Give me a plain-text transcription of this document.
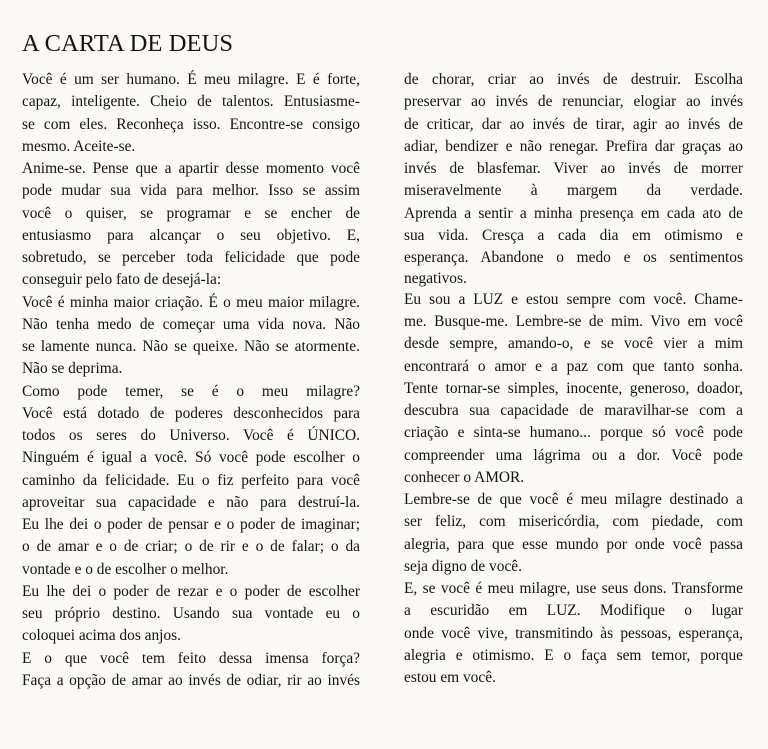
A CARTA DE DEUS
Você é um ser humano. É meu milagre. E é forte,
capaz, inteligente. Cheio de talentos. Entusiasme-
se com eles. Reconheça isso. Encontre-se consigo
mesmo. Aceite-se.
Anime-se. Pense que a apartir desse momento você
pode mudar sua vida para melhor. Isso se assim
você o quiser, se programar e se encher de
entusiasmo para alcançar o seu objetivo. E,
sobretudo, se perceber toda felicidade que pode
conseguir pelo fato de desejá-la:
Você é minha maior criação. É o meu maior milagre.
Não tenha medo de começar uma vida nova. Não
se lamente nunca. Não se queixe. Não se atormente.
Não se deprima.
Como pode temer, se é o meu milagre?
Você está dotado de poderes desconhecidos para
todos os seres do Universo. Você é ÚNICO.
Ninguém é igual a você. Só você pode escolher o
caminho da felicidade. Eu o fiz perfeito para você
aproveitar sua capacidade e não para destruí-la.
Eu lhe dei o poder de pensar e o poder de imaginar;
o de amar e o de criar; o de rir e o de falar; o da
vontade e o de escolher o melhor.
Eu lhe dei o poder de rezar e o poder de escolher
seu próprio destino. Usando sua vontade eu o
coloquei acima dos anjos.
E o que você tem feito dessa imensa força?
Faça a opção de amar ao invés de odiar, rir ao invés
de chorar, criar ao invés de destruir. Escolha
preservar ao invés de renunciar, elogiar ao invés
de criticar, dar ao invés de tirar, agir ao invés de
adiar, bendizer e não renegar. Prefira dar graças ao
invés de blasfemar. Viver ao invés de morrer
miseravelmente à margem da verdade.
Aprenda a sentir a minha presença em cada ato de
sua vida. Cresça a cada dia em otimismo e
esperança. Abandone o medo e os sentimentos
negativos.
Eu sou a LUZ e estou sempre com você. Chame-
me. Busque-me. Lembre-se de mim. Vivo em você
desde sempre, amando-o, e se você vier a mim
encontrará o amor e a paz com que tanto sonha.
Tente tornar-se simples, inocente, generoso, doador,
descubra sua capacidade de maravilhar-se com a
criação e sinta-se humano... porque só você pode
compreender uma lágrima ou a dor. Você pode
conhecer o AMOR.
Lembre-se de que você é meu milagre destinado a
ser feliz, com misericórdia, com piedade, com
alegria, para que esse mundo por onde você passa
seja digno de você.
E, se você é meu milagre, use seus dons. Transforme
a escuridão em LUZ. Modifique o lugar
onde você vive, transmitindo às pessoas, esperança,
alegria e otimismo. E o faça sem temor, porque
estou em você.
